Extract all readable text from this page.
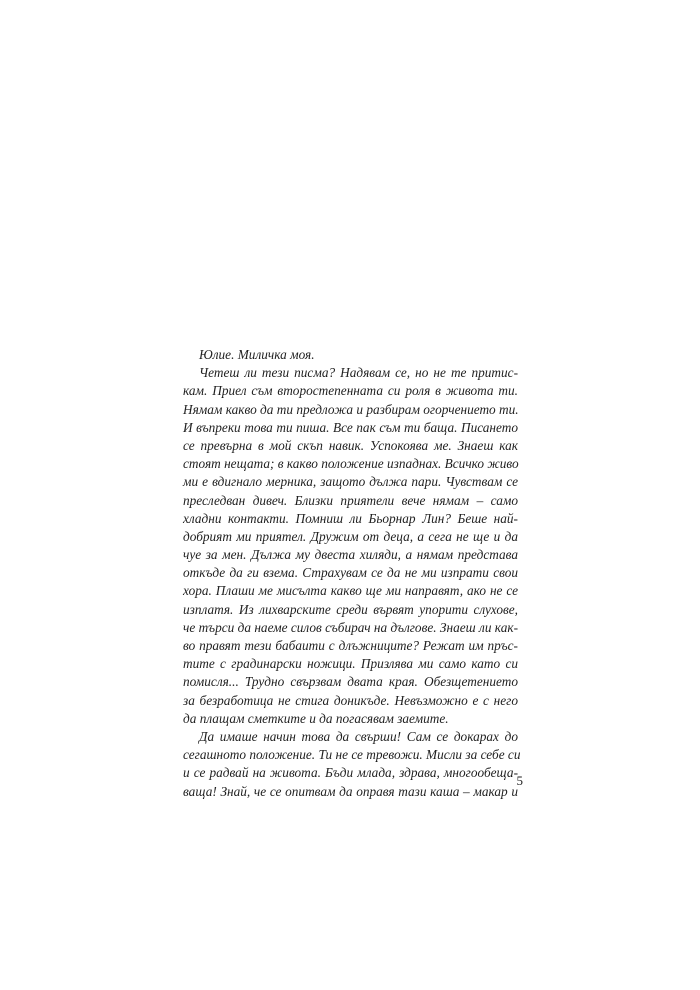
Юлие. Миличка моя.
Четеш ли тези писма? Надявам се, но не те притис-
кам. Приел съм второстепенната си роля в живота ти.
Нямам какво да ти предложа и разбирам огорчението ти.
И въпреки това ти пиша. Все пак съм ти баща. Писането
се превърна в мой скъп навик. Успокоява ме. Знаеш как
стоят нещата; в какво положение изпаднах. Всичко живо
ми е вдигнало мерника, защото дължа пари. Чувствам се
преследван дивеч. Близки приятели вече нямам – само
хладни контакти. Помниш ли Бьорнар Лин? Беше най-
добрият ми приятел. Дружим от деца, а сега не ще и да
чуе за мен. Дължа му двеста хиляди, а нямам представа
откъде да ги взема. Страхувам се да не ми изпрати свои
хора. Плаши ме мисълта какво ще ми направят, ако не се
изплатя. Из лихварските среди вървят упорити слухове,
че търси да наеме силов събирач на дългове. Знаеш ли как-
во правят тези бабаити с длъжниците? Режат им пръс-
тите с градинарски ножици. Призлява ми само като си
помисля... Трудно свързвам двата края. Обезщетението
за безработица не стига доникъде. Невъзможно е с него
да плащам сметките и да погасявам заемите.
Да имаше начин това да свърши! Сам се докарах до
сегашното положение. Ти не се тревожи. Мисли за себе си
и се радвай на живота. Бъди млада, здрава, многообеща-
ваща! Знай, че се опитвам да оправя тази каша – макар и
5
